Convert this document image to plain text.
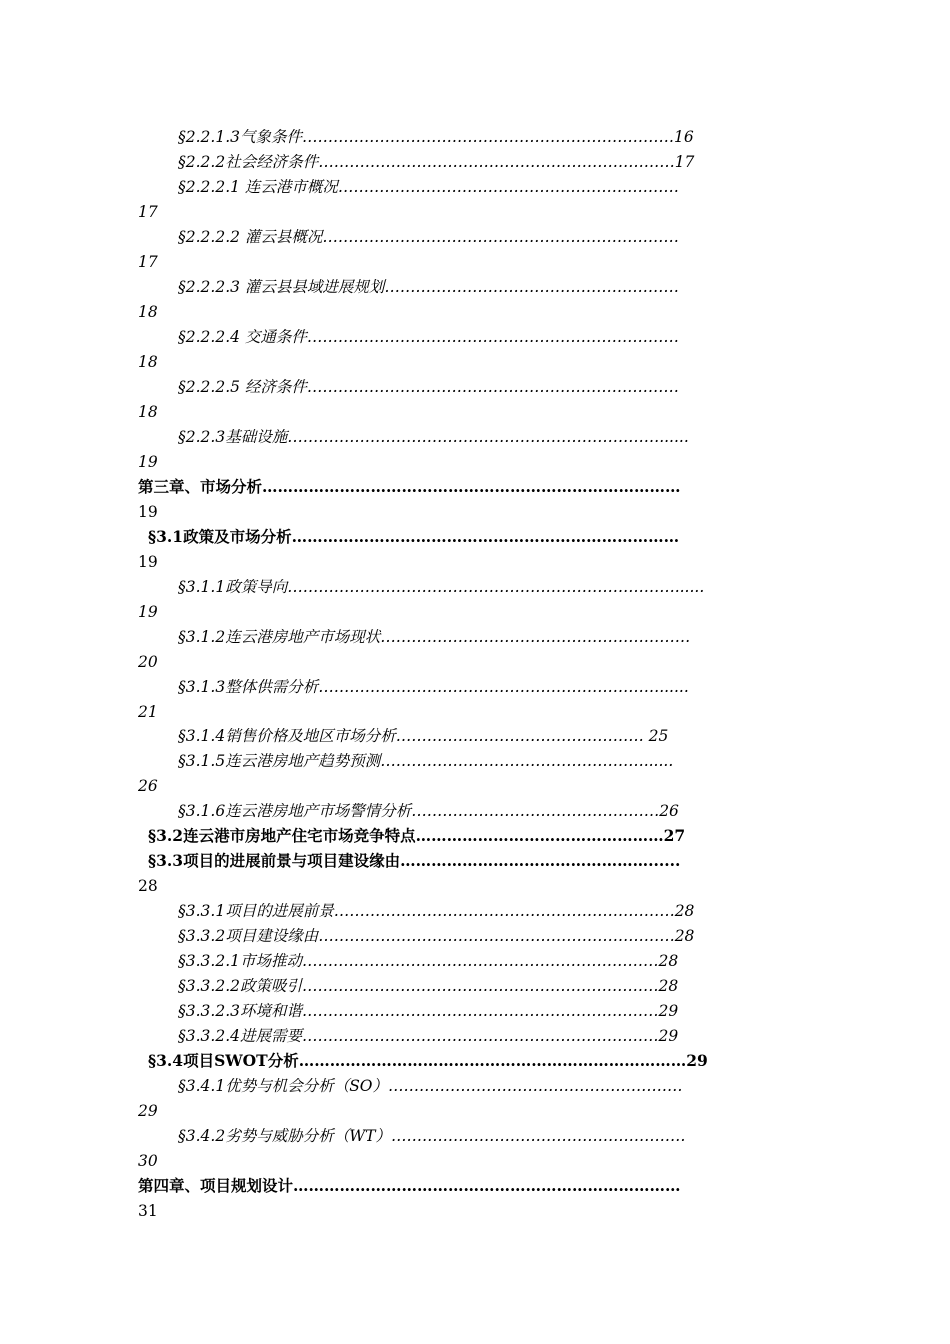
§2.2.1.3气象条件………………………………………………………………16
§2.2.2社会经济条件……………………………………………………………17
§2.2.2.1 连云港市概况…………………………………………………………
17
§2.2.2.2 灌云县概况……………………………………………………………
17
§2.2.2.3 灌云县县域进展规划…………………………………………………
18
§2.2.2.4 交通条件………………………………………………………………
18
§2.2.2.5 经济条件………………………………………………………………
18
§2.2.3基础设施………………………………………………………………......
19
第三章、市场分析………………………………………………………………………
19
§3.1政策及市场分析…………………………………………………………………
19
§3.1.1政策导向…………………………………………………………………......
19
§3.1.2连云港房地产市场现状……………………………………………………
20
§3.1.3整体供需分析…………………………………………………………......
21
§3.1.4销售价格及地区市场分析………………………………………… 25
§3.1.5连云港房地产趋势预测……………………………………………......
26
§3.1.6连云港房地产市场警情分析…………………………………………26
§3.2连云港市房地产住宅市场竞争特点…………………………………………27
§3.3项目的进展前景与项目建设缘由…………………………………………......
28
§3.3.1项目的进展前景…………………………………………………………28
§3.3.2项目建设缘由……………………………………………………………28
§3.3.2.1市场推动……………………………………………………………28
§3.3.2.2政策吸引……………………………………………………………28
§3.3.2.3环境和谐……………………………………………………………29
§3.3.2.4进展需要……………………………………………………………29
§3.4项目SWOT分析…………………………………………………………………29
§3.4.1优势与机会分析（SO）…………………………………………………
29
§3.4.2劣势与威胁分析（WT）…………………………………………………
30
第四章、项目规划设计…………………………………………………………………
31
